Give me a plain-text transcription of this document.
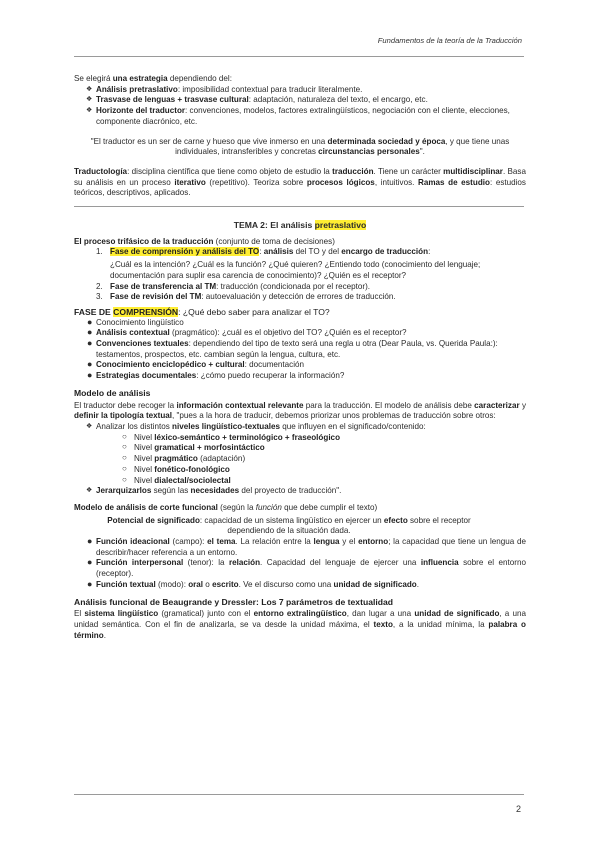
Fundamentos de la teoría de la Traducción

Se elegirá una estrategia dependiendo del:

❖ Análisis pretraslativo: imposibilidad contextual para traducir literalmente.
❖ Trasvase de lenguas + trasvase cultural: adaptación, naturaleza del texto, el encargo, etc.
❖ Horizonte del traductor: convenciones, modelos, factores extralingüísticos, negociación con el cliente, elecciones, componente diacrónico, etc.

"El traductor es un ser de carne y hueso que vive inmerso en una determinada sociedad y época, y que tiene unas individuales, intransferibles y concretas circunstancias personales".

Traductología: disciplina científica que tiene como objeto de estudio la traducción. Tiene un carácter multidisciplinar. Basa su análisis en un proceso iterativo (repetitivo). Teoriza sobre procesos lógicos, intuitivos. Ramas de estudio: estudios teóricos, descriptivos, aplicados.

TEMA 2: El análisis pretraslativo

El proceso trifásico de la traducción (conjunto de toma de decisiones)

1. Fase de comprensión y análisis del TO: análisis del TO y del encargo de traducción:
¿Cuál es la intención? ¿Cuál es la función? ¿Qué quieren? ¿Entiendo todo (conocimiento del lenguaje; documentación para suplir esa carencia de conocimiento)? ¿Quién es el receptor?
2. Fase de transferencia al TM: traducción (condicionada por el receptor).
3. Fase de revisión del TM: autoevaluación y detección de errores de traducción.

FASE DE COMPRENSIÓN: ¿Qué debo saber para analizar el TO?

● Conocimiento lingüístico
● Análisis contextual (pragmático): ¿cuál es el objetivo del TO? ¿Quién es el receptor?
● Convenciones textuales: dependiendo del tipo de texto será una regla u otra (Dear Paula, vs. Querida Paula:): testamentos, prospectos, etc. cambian según la lengua, cultura, etc.
● Conocimiento enciclopédico + cultural: documentación
● Estrategias documentales: ¿cómo puedo recuperar la información?

Modelo de análisis

El traductor debe recoger la información contextual relevante para la traducción. El modelo de análisis debe caracterizar y definir la tipología textual, "pues a la hora de traducir, debemos priorizar unos problemas de traducción sobre otros:

❖ Analizar los distintos niveles lingüístico-textuales que influyen en el significado/contenido:
○ Nivel léxico-semántico + terminológico + fraseológico
○ Nivel gramatical + morfosintáctico
○ Nivel pragmático (adaptación)
○ Nivel fonético-fonológico
○ Nivel dialectal/sociolectal
❖ Jerarquizarlos según las necesidades del proyecto de traducción".

Modelo de análisis de corte funcional (según la función que debe cumplir el texto)

Potencial de significado: capacidad de un sistema lingüístico en ejercer un efecto sobre el receptor dependiendo de la situación dada.

● Función ideacional (campo): el tema. La relación entre la lengua y el entorno; la capacidad que tiene un lengua de describir/hacer referencia a un entorno.
● Función interpersonal (tenor): la relación. Capacidad del lenguaje de ejercer una influencia sobre el entorno (receptor).
● Función textual (modo): oral o escrito. Ve el discurso como una unidad de significado.

Análisis funcional de Beaugrande y Dressler: Los 7 parámetros de textualidad

El sistema lingüístico (gramatical) junto con el entorno extralingüístico, dan lugar a una unidad de significado, a una unidad semántica. Con el fin de analizarla, se va desde la unidad máxima, el texto, a la unidad mínima, la palabra o término.

2
